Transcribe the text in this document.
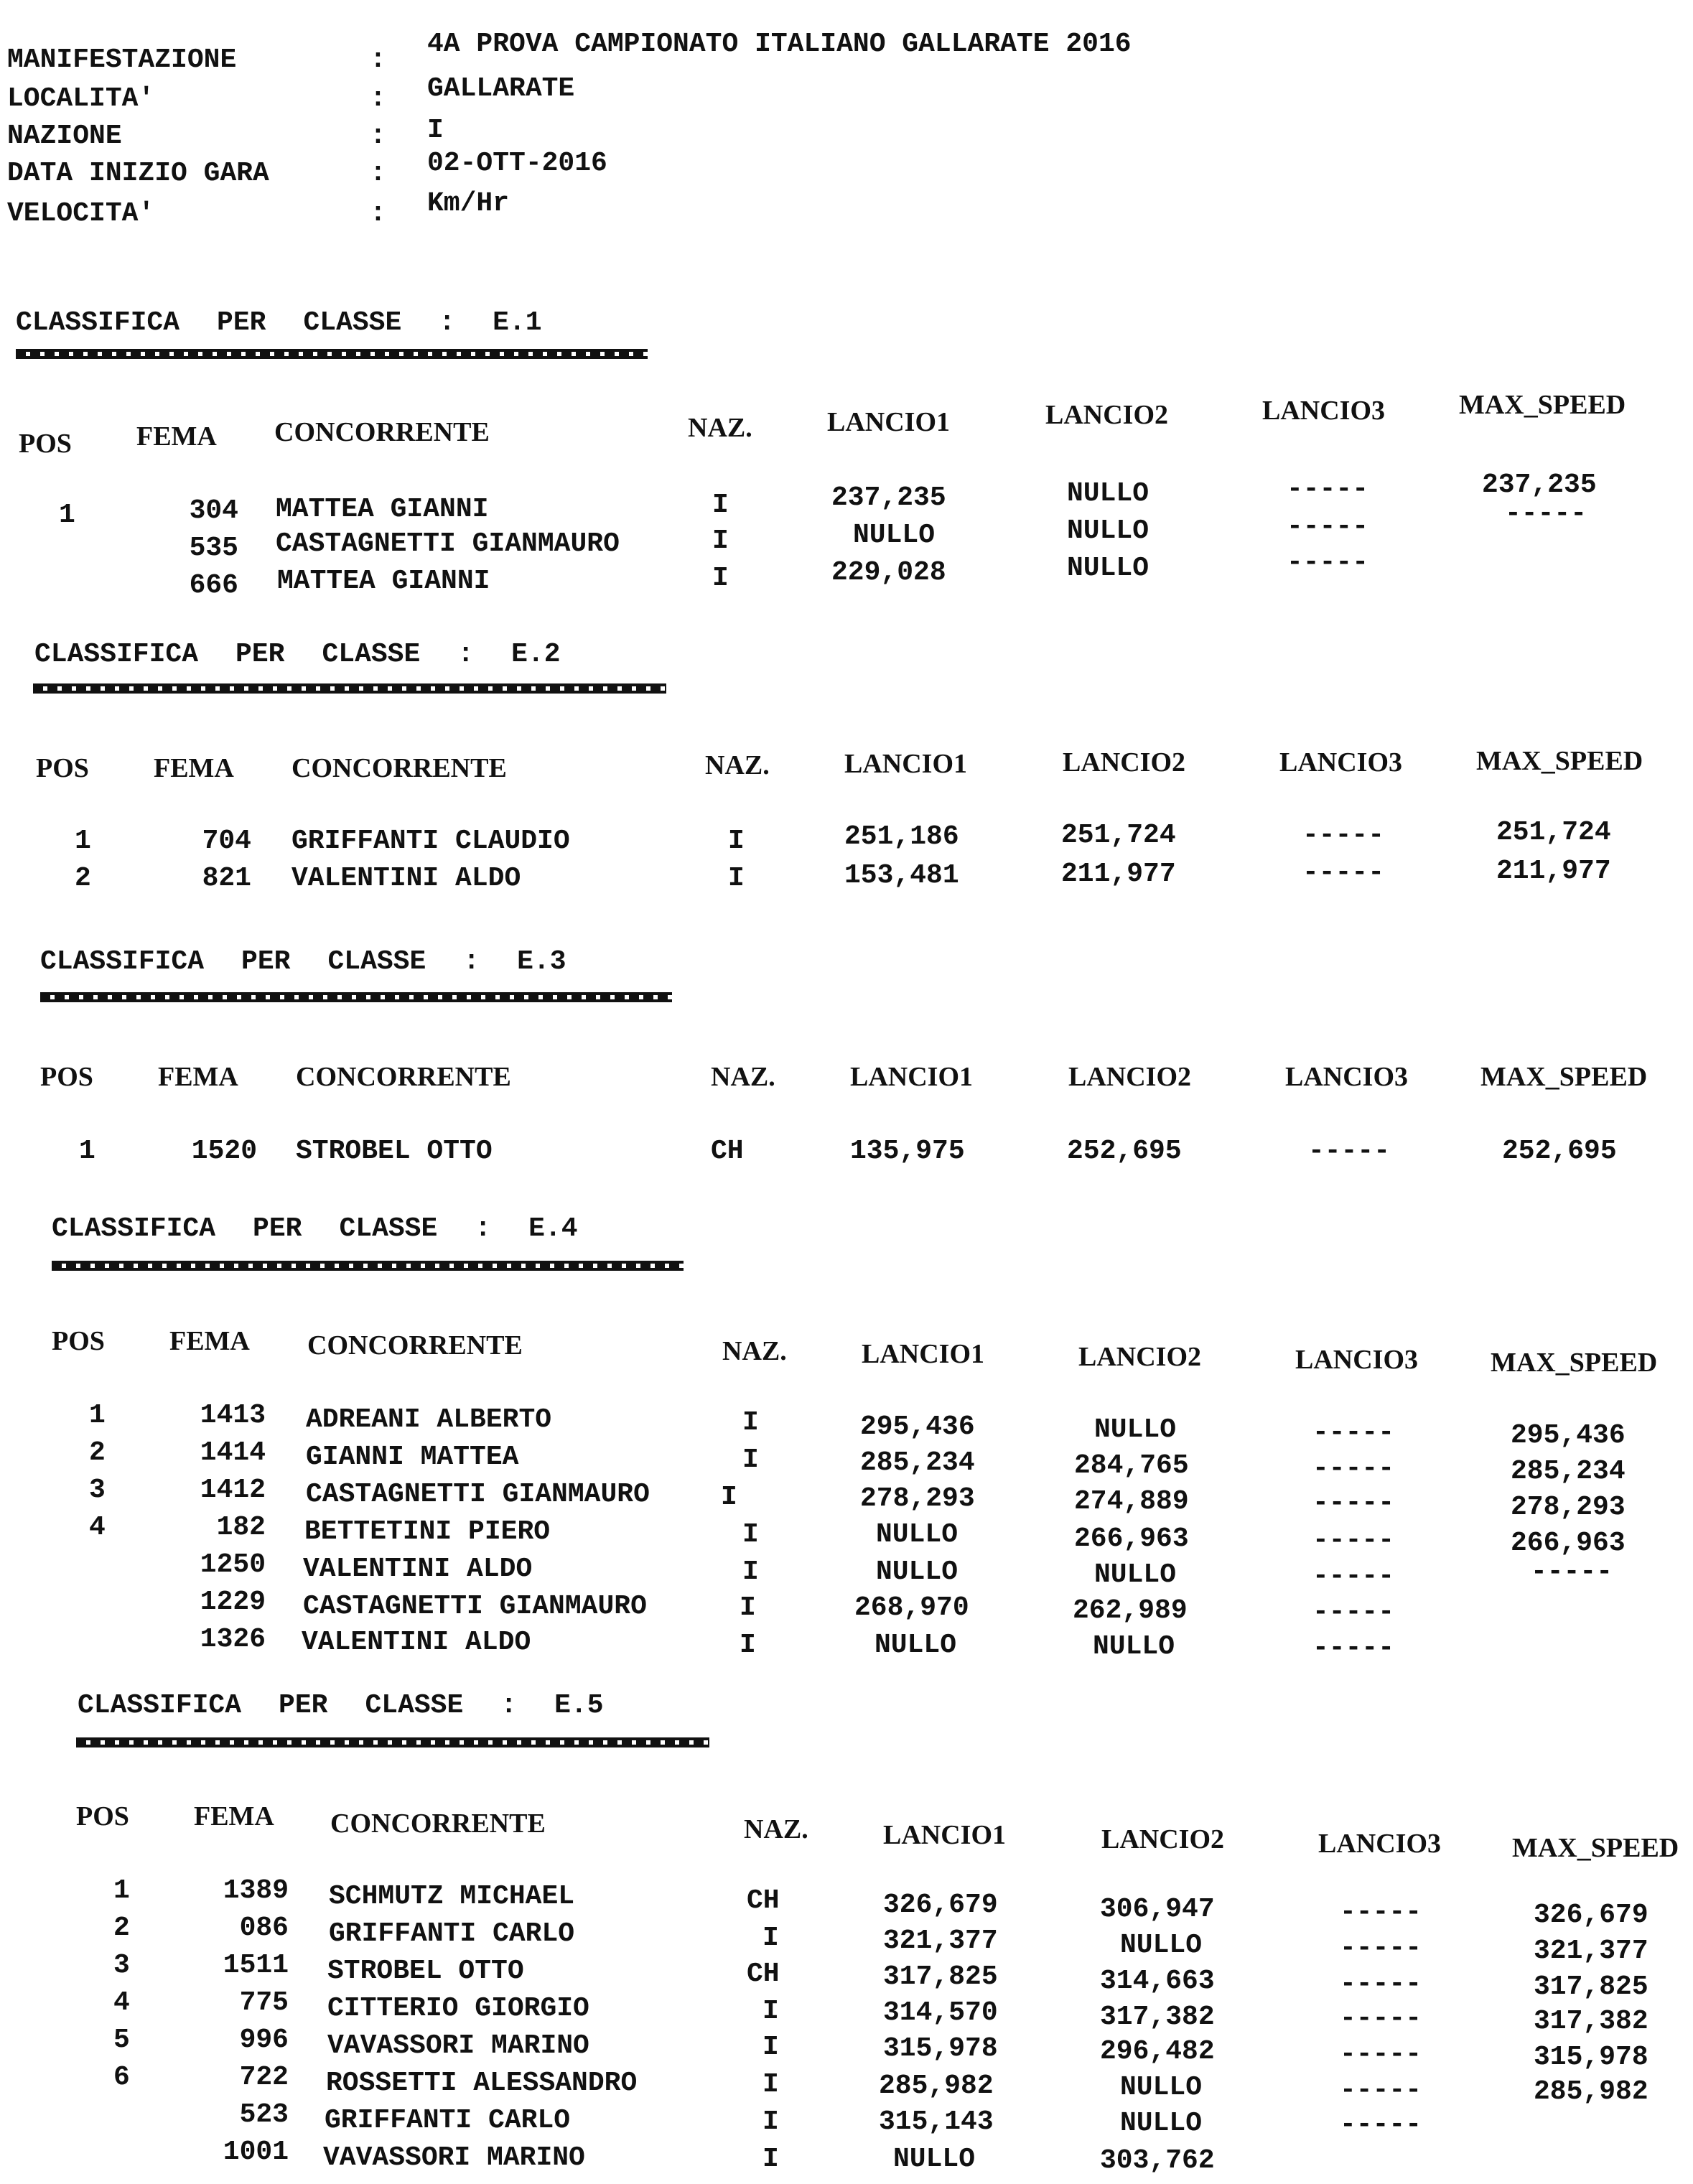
MANIFESTAZIONE	:
4A PROVA CAMPIONATO ITALIANO GALLARATE 2016
LOCALITA'	: GALLARATE
NAZIONE	: I
DATA INIZIO GARA	: 02-OTT-2016
VELOCITA'	: Km/Hr
CLASSIFICA PER CLASSE : E.1
POS FEMA CONCORRENTE	NAZ.	LANCIO1	LANCIO2	LANCIO3	MAX_SPEED
1	304 MATTEA GIANNI	I	237,235	NULLO	-----	237,235
535 CASTAGNETTI GIANMAURO	I	NULLO	NULLO	-----	-----
666 MATTEA GIANNI	I	229,028	NULLO	-----
CLASSIFICA PER CLASSE : E.2
POS FEMA CONCORRENTE	NAZ.	LANCIO1	LANCIO2	LANCIO3	MAX_SPEED
1	704 GRIFFANTI CLAUDIO	I	251,186	251,724	-----	251,724
2	821 VALENTINI ALDO	I	153,481	211,977	-----	211,977
CLASSIFICA PER CLASSE : E.3
POS FEMA CONCORRENTE	NAZ.	LANCIO1	LANCIO2	LANCIO3	MAX_SPEED
1	1520 STROBEL OTTO	CH	135,975	252,695	-----	252,695
CLASSIFICA PER CLASSE : E.4
POS FEMA CONCORRENTE	NAZ.	LANCIO1	LANCIO2	LANCIO3	MAX_SPEED
1	1413 ADREANI ALBERTO	I	295,436	NULLO	-----	295,436
2	1414 GIANNI MATTEA	I	285,234	284,765	-----	285,234
3	1412 CASTAGNETTI GIANMAURO	I	278,293	274,889	-----	278,293
4	182 BETTETINI PIERO	I	NULLO	266,963	-----	266,963
1250 VALENTINI ALDO	I	NULLO	NULLO	-----	-----
1229 CASTAGNETTI GIANMAURO	I	268,970	262,989	-----
1326 VALENTINI ALDO	I	NULLO	NULLO	-----
CLASSIFICA PER CLASSE : E.5
POS FEMA CONCORRENTE	NAZ.	LANCIO1	LANCIO2	LANCIO3	MAX_SPEED
1	1389 SCHMUTZ MICHAEL	CH	326,679	306,947	-----	326,679
2	086 GRIFFANTI CARLO	I	321,377	NULLO	-----	321,377
3	1511 STROBEL OTTO	CH	317,825	314,663	-----	317,825
4	775 CITTERIO GIORGIO	I	314,570	317,382	-----	317,382
5	996 VAVASSORI MARINO	I	315,978	296,482	-----	315,978
6	722 ROSSETTI ALESSANDRO	I	285,982	NULLO	-----	285,982
523 GRIFFANTI CARLO	I	315,143	NULLO	-----
1001 VAVASSORI MARINO	I	NULLO	303,762
